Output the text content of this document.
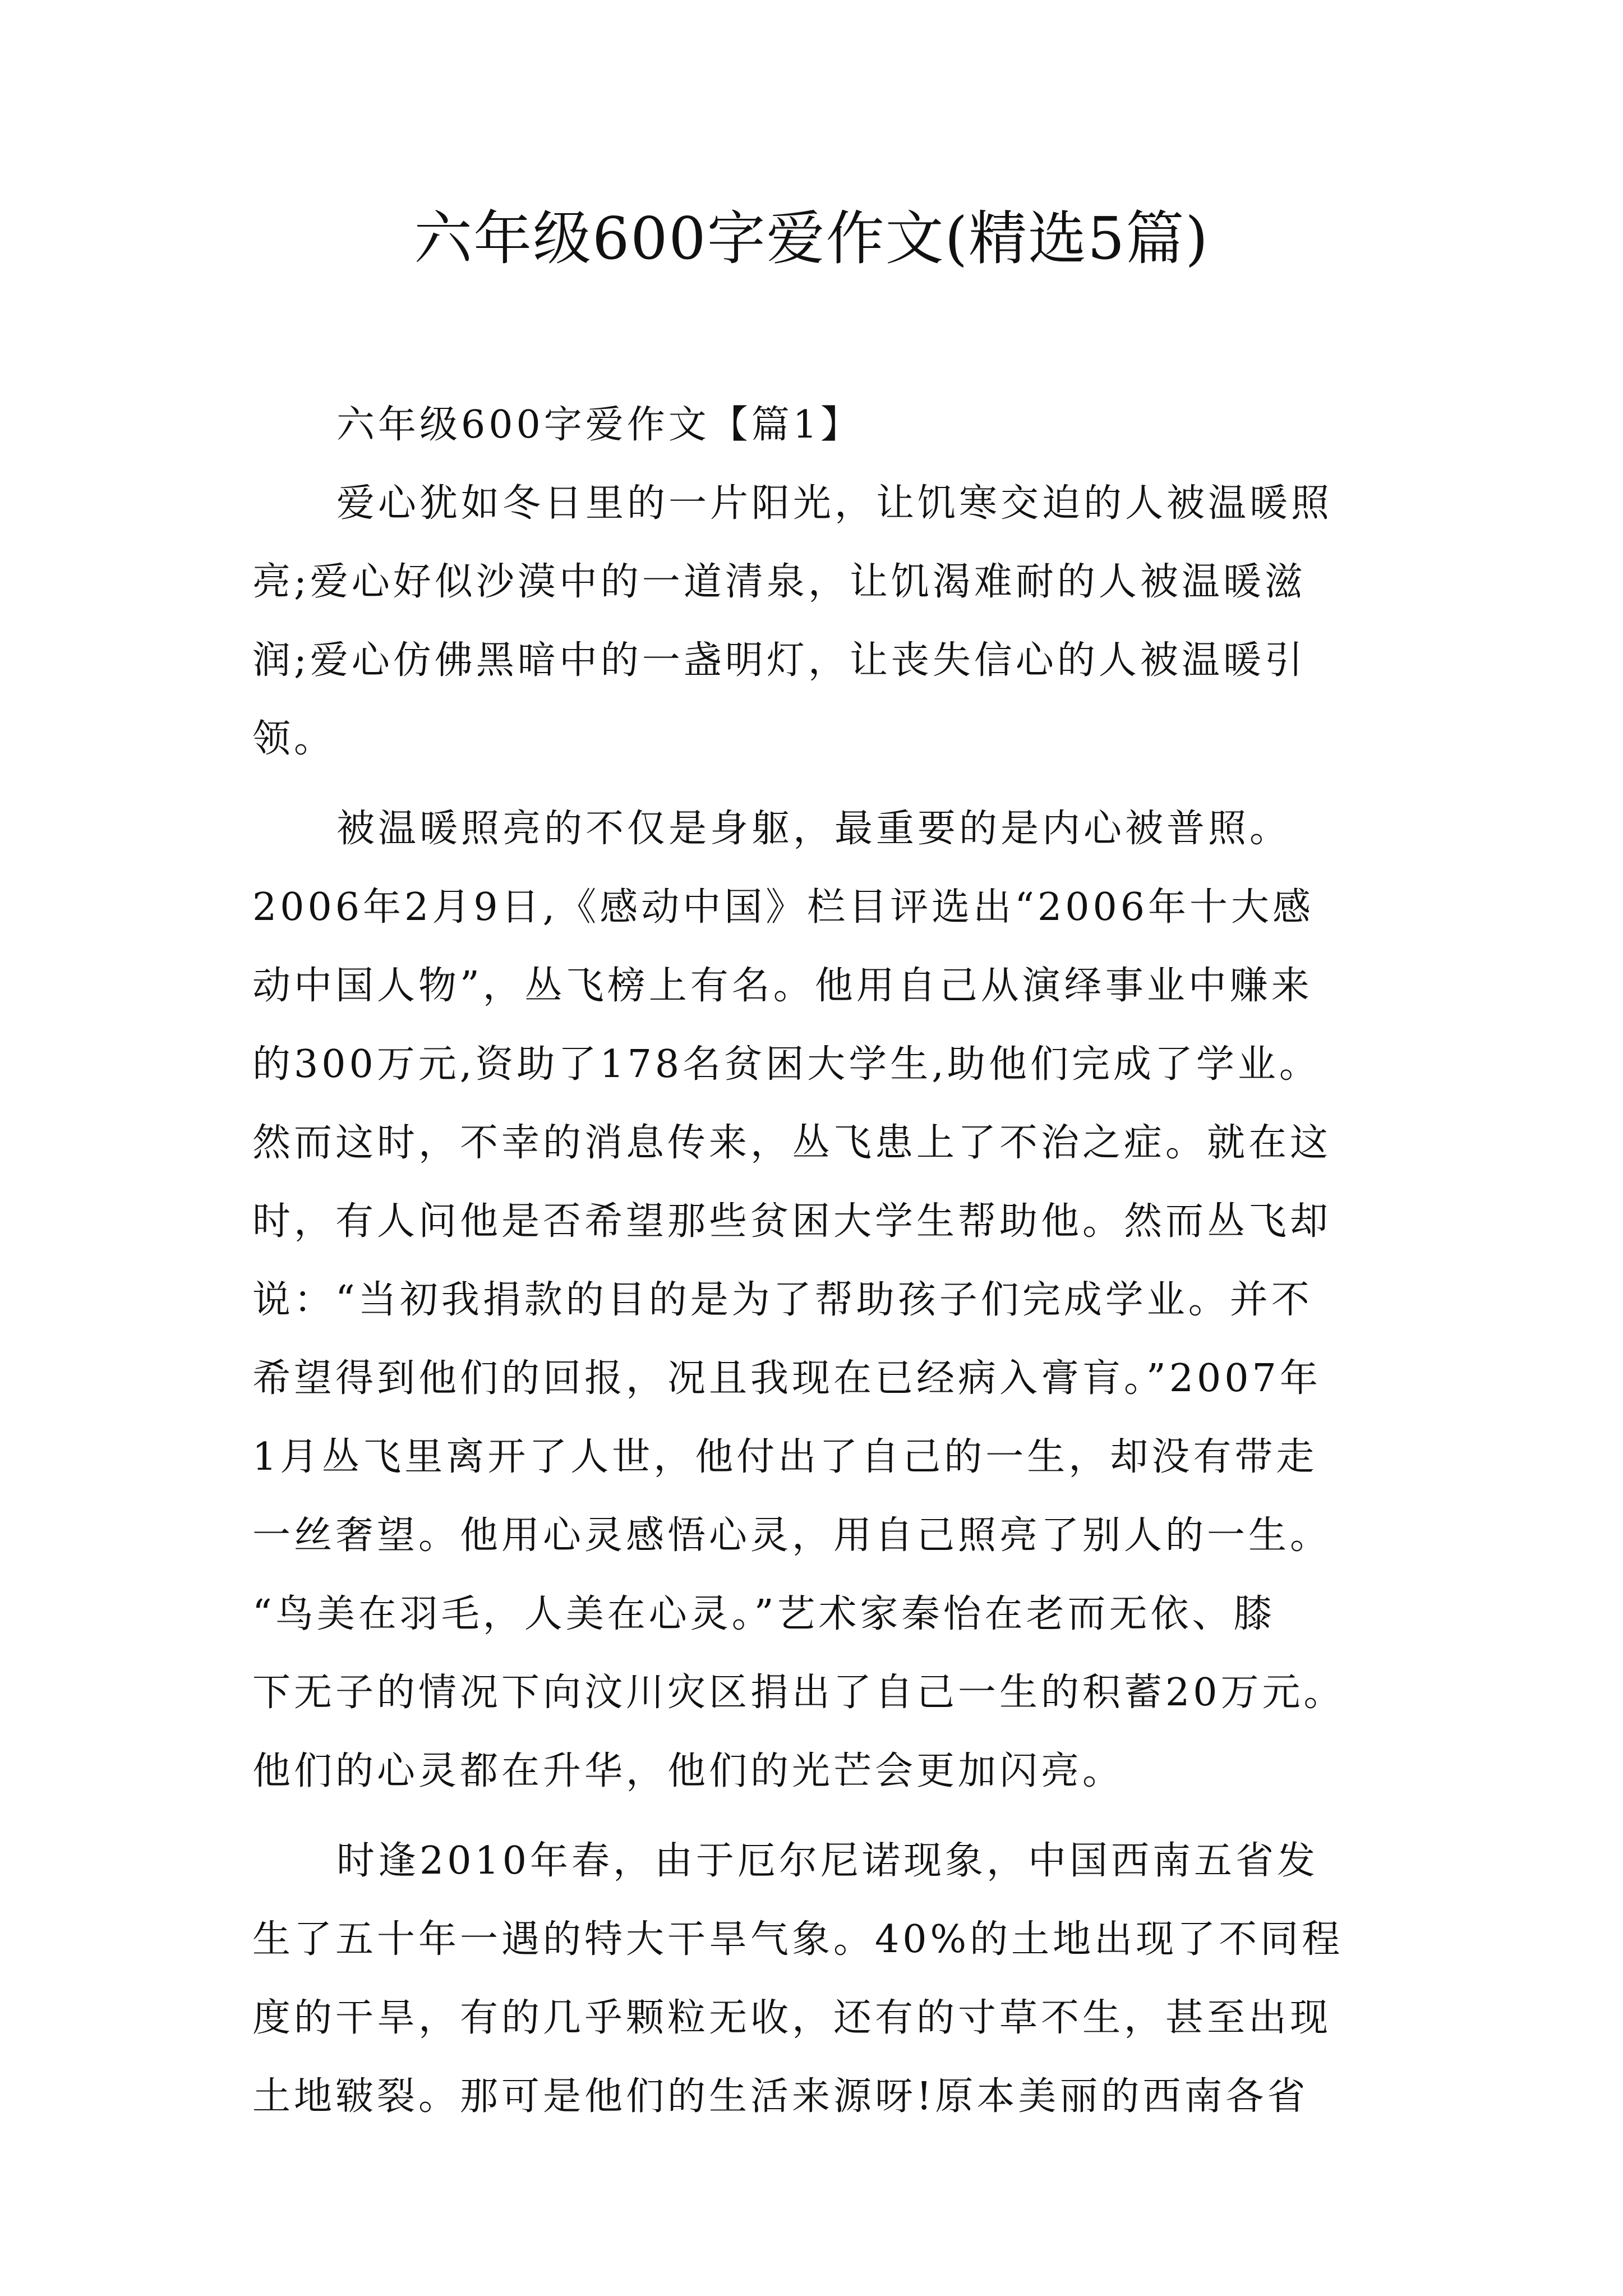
六年级600字爱作文(精选5篇)
六年级600字爱作文【篇1】
爱心犹如冬日里的一片阳光，让饥寒交迫的人被温暖照
亮;爱心好似沙漠中的一道清泉，让饥渴难耐的人被温暖滋
润;爱心仿佛黑暗中的一盏明灯，让丧失信心的人被温暖引
领。
被温暖照亮的不仅是身躯，最重要的是内心被普照。
2006年2月9日,《感动中国》栏目评选出“2006年十大感
动中国人物”，丛飞榜上有名。他用自己从演绎事业中赚来
的300万元,资助了178名贫困大学生,助他们完成了学业。
然而这时，不幸的消息传来，丛飞患上了不治之症。就在这
时，有人问他是否希望那些贫困大学生帮助他。然而丛飞却
说：“当初我捐款的目的是为了帮助孩子们完成学业。并不
希望得到他们的回报，况且我现在已经病入膏肓。”2007年
1月丛飞里离开了人世，他付出了自己的一生，却没有带走
一丝奢望。他用心灵感悟心灵，用自己照亮了别人的一生。
“鸟美在羽毛，人美在心灵。”艺术家秦怡在老而无依、膝
下无子的情况下向汶川灾区捐出了自己一生的积蓄20万元。
他们的心灵都在升华，他们的光芒会更加闪亮。
时逢2010年春，由于厄尔尼诺现象，中国西南五省发
生了五十年一遇的特大干旱气象。40%的土地出现了不同程
度的干旱，有的几乎颗粒无收，还有的寸草不生，甚至出现
土地皲裂。那可是他们的生活来源呀!原本美丽的西南各省
